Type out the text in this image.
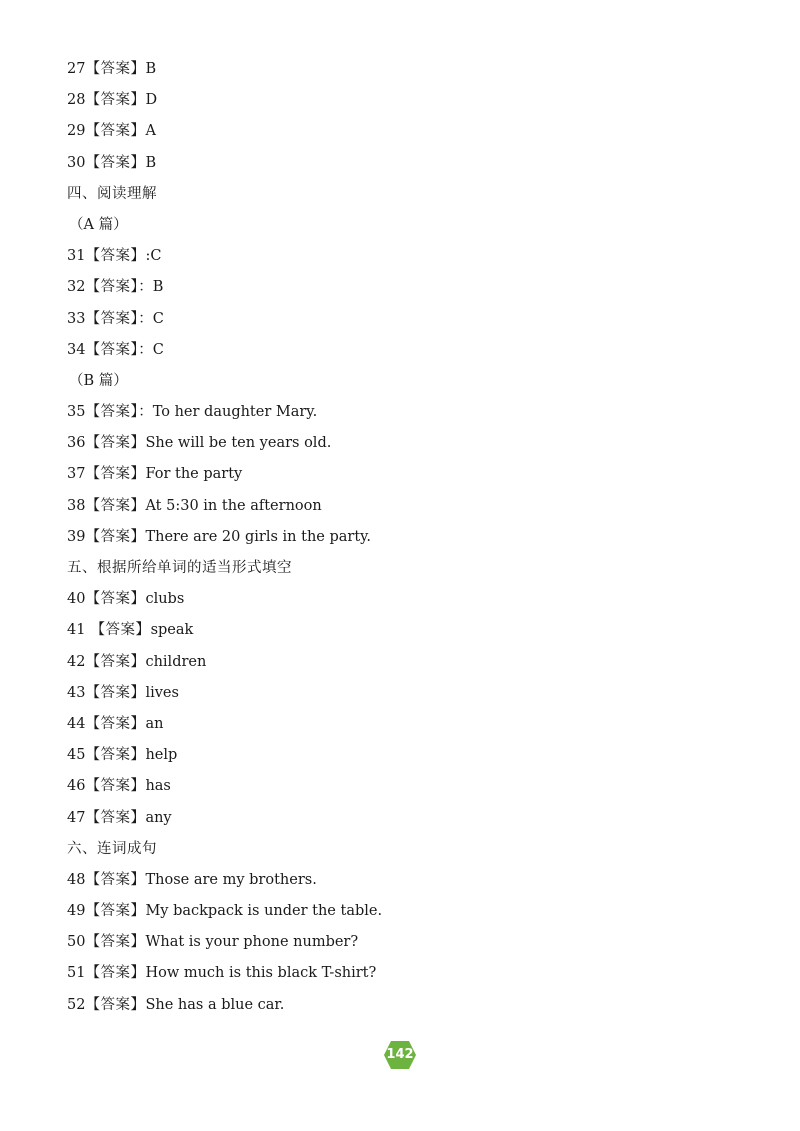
27【答案】B
28【答案】D
29【答案】A
30【答案】B
四、阅读理解
（A 篇）
31【答案】:C
32【答案】：B
33【答案】：C
34【答案】：C
（B 篇）
35【答案】：To her daughter Mary.
36【答案】She will be ten years old.
37【答案】For the party
38【答案】At 5:30 in the afternoon
39【答案】There are 20 girls in the party.
五、根据所给单词的适当形式填空
40【答案】clubs
41 【答案】speak
42【答案】children
43【答案】lives
44【答案】an
45【答案】help
46【答案】has
47【答案】any
六、连词成句
48【答案】Those are my brothers.
49【答案】My backpack is under the table.
50【答案】What is your phone number?
51【答案】How much is this black T-shirt?
52【答案】She has a blue car.
142
